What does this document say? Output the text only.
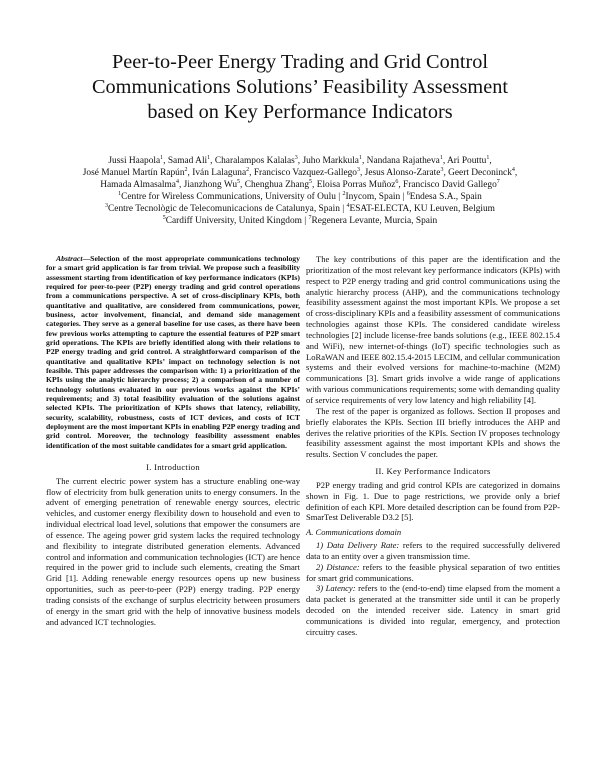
Peer-to-Peer Energy Trading and Grid Control
Communications Solutions’ Feasibility Assessment
based on Key Performance Indicators
Jussi Haapola$^1$, Samad Ali$^1$, Charalampos Kalalas$^3$, Juho Markkula$^1$, Nandana Rajatheva$^1$, Ari Pouttu$^1$,
José Manuel Martín Rapún$^2$, Iván Lalaguna$^2$, Francisco Vazquez-Gallego$^3$, Jesus Alonso-Zarate$^3$, Geert Deconinck$^4$,
Hamada Almasalma$^4$, Jianzhong Wu$^5$, Chenghua Zhang$^5$, Eloisa Porras Muñoz$^6$, Francisco David Gallego$^7$
$^1$Centre for Wireless Communications, University of Oulu | $^2$Inycom, Spain | $^6$Endesa S.A., Spain
$^3$Centre Tecnològic de Telecomunicacions de Catalunya, Spain | $^4$ESAT-ELECTA, KU Leuven, Belgium
$^5$Cardiff University, United Kingdom | $^7$Regenera Levante, Murcia, Spain
Abstract—Selection of the most appropriate communications technology for a smart grid application is far from trivial. We propose such a feasibility assessment starting from identification of key performance indicators (KPIs) required for peer-to-peer (P2P) energy trading and grid control operations from a communications perspective. A set of cross-disciplinary KPIs, both quantitative and qualitative, are considered from communications, power, business, actor involvement, financial, and demand side management categories. They serve as a general baseline for use cases, as there have been few previous works attempting to capture the essential features of P2P smart grid operations. The KPIs are briefly identified along with their relations to P2P energy trading and grid control. A straightforward comparison of the quantitative and qualitative KPIs’ impact on technology selection is not feasible. This paper addresses the comparison with: 1) a prioritization of the KPIs using the analytic hierarchy process; 2) a comparison of a number of technology solutions evaluated in our previous works against the KPIs’ requirements; and 3) total feasibility evaluation of the solutions against selected KPIs. The prioritization of KPIs shows that latency, reliability, security, scalability, robustness, costs of ICT devices, and costs of ICT deployment are the most important KPIs in enabling P2P energy trading and grid control. Moreover, the technology feasibility assessment enables identification of the most suitable candidates for a smart grid application.
I. Introduction

The current electric power system has a structure enabling one-way flow of electricity from bulk generation units to energy consumers. In the advent of emerging penetration of renewable energy sources, electric vehicles, and customer energy flexibility down to household and even to individual electrical load level, solutions that empower the consumers are of essence. The ageing power grid system lacks the required technology and flexibility to integrate distributed generation elements. Advanced control and information and communication technologies (ICT) are hence required in the power grid to include such elements, creating the Smart Grid [1]. Adding renewable energy resources opens up new business opportunities, such as peer-to-peer (P2P) energy trading. P2P energy trading consists of the exchange of surplus electricity between prosumers of energy in the smart grid with the help of innovative business models and advanced ICT technologies.

The key contributions of this paper are the identification and the prioritization of the most relevant key performance indicators (KPIs) with respect to P2P energy trading and grid control communications using the analytic hierarchy process (AHP), and the communications technology feasibility assessment against the most important KPIs. We propose a set of cross-disciplinary KPIs and a feasibility assessment of communications technologies against those KPIs. The considered candidate wireless technologies [2] include license-free bands solutions (e.g., IEEE 802.15.4 and WiFi), new internet-of-things (IoT) specific technologies such as LoRaWAN and IEEE 802.15.4-2015 LECIM, and cellular communication systems and their evolved versions for machine-to-machine (M2M) communications [3]. Smart grids involve a wide range of applications with various communications requirements; some with demanding quality of service requirements of very low latency and high reliability [4].

The rest of the paper is organized as follows. Section II proposes and briefly elaborates the KPIs. Section III briefly introduces the AHP and derives the relative priorities of the KPIs. Section IV proposes technology feasibility assessment against the most important KPIs and shows the results. Section V concludes the paper.

II. Key Performance Indicators

P2P energy trading and grid control KPIs are categorized in domains shown in Fig. 1. Due to page restrictions, we provide only a brief definition of each KPI. More detailed description can be found from P2P-SmarTest Deliverable D3.2 [5].

A. Communications domain

1) Data Delivery Rate: refers to the required successfully delivered data to an entity over a given transmission time.

2) Distance: refers to the feasible physical separation of two entities for smart grid communications.

3) Latency: refers to the (end-to-end) time elapsed from the moment a data packet is generated at the transmitter side until it can be properly decoded on the intended receiver side. Latency in smart grid communications is divided into regular, emergency, and protection circuitry cases.
